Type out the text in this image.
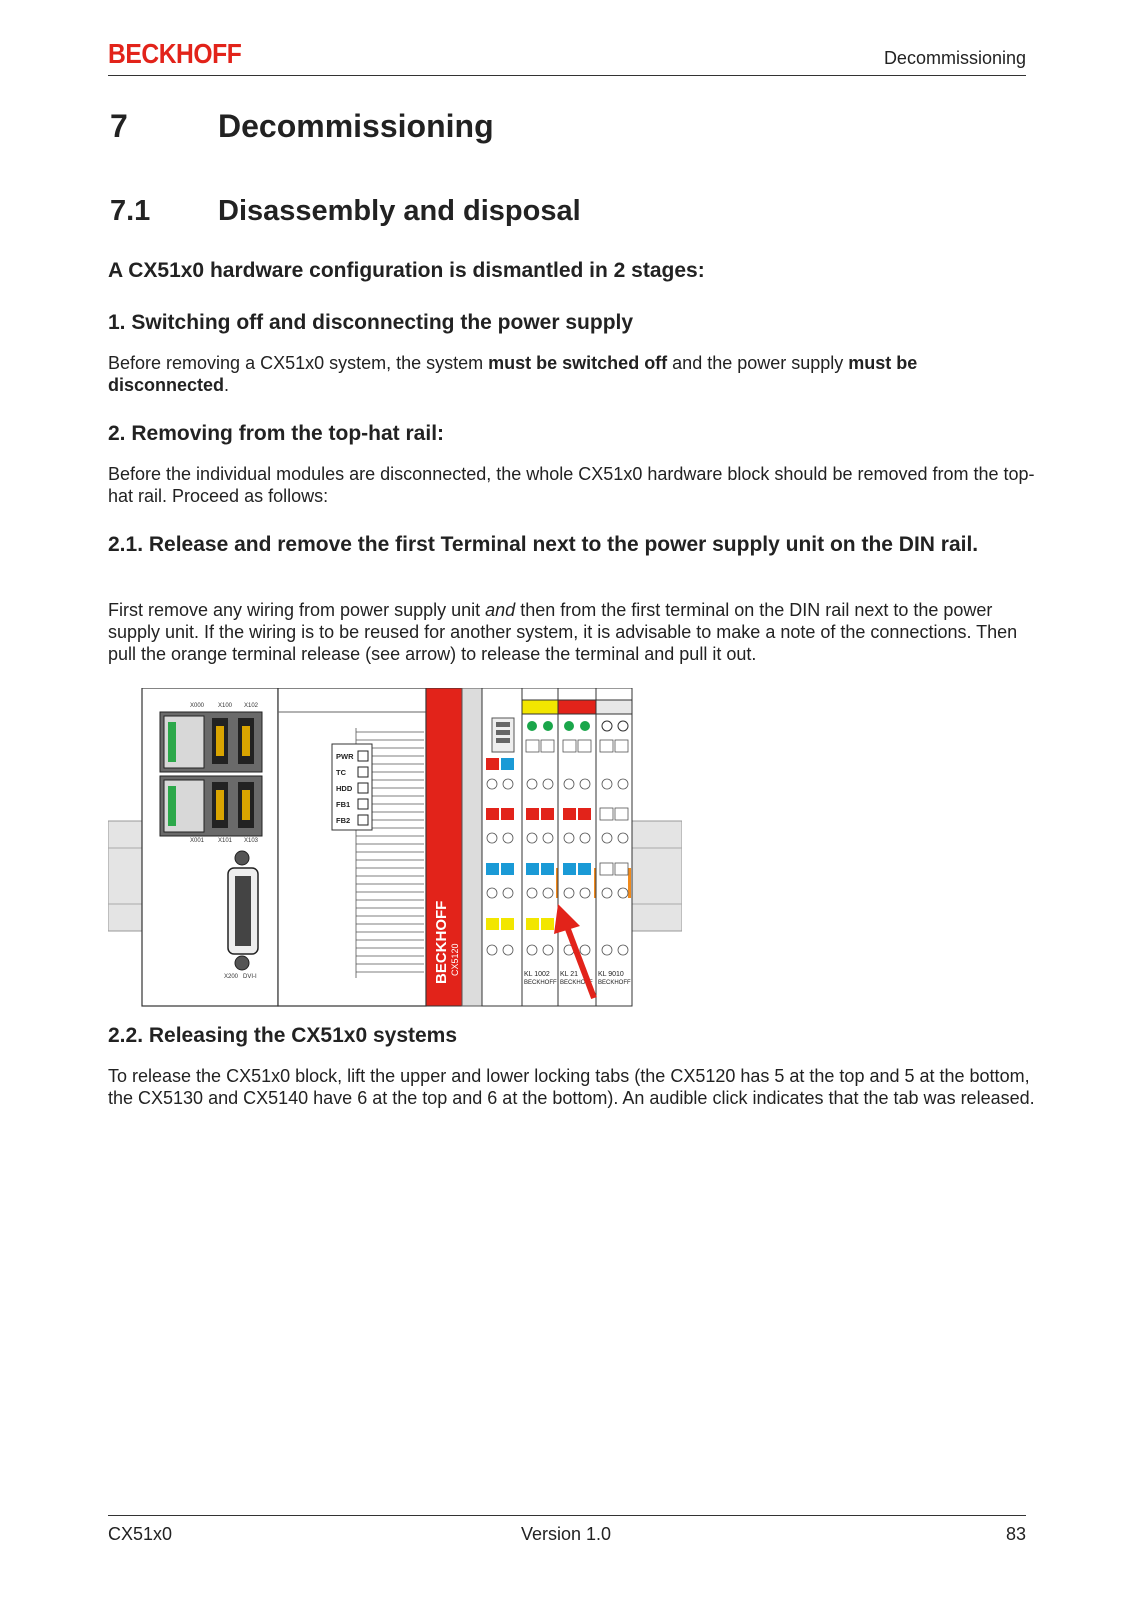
BECKHOFF	Decommissioning
7	Decommissioning
7.1 Disassembly and disposal
A CX51x0 hardware configuration is dismantled in 2 stages:
1. Switching off and disconnecting the power supply
Before removing a CX51x0 system, the system must be switched off and the power supply must be disconnected.
2. Removing from the top-hat rail:
Before the individual modules are disconnected, the whole CX51x0 hardware block should be removed from the top-hat rail. Proceed as follows:
2.1. Release and remove the first Terminal next to the power supply unit on the DIN rail.
First remove any wiring from power supply unit and then from the first terminal on the DIN rail next to the power supply unit. If the wiring is to be reused for another system, it is advisable to make a note of the connections. Then pull the orange terminal release (see arrow) to release the terminal and pull it out.
X000 X100 X102
X001 X101 X103
X200 DVI-I
PWR
TC
HDD
FB1
FB2
BECKHOFF CX5120	KL 1002 KL 21	KL 9010
BECKHOFF BECKHOFF BECKHOFF
2.2. Releasing the CX51x0 systems
To release the CX51x0 block, lift the upper and lower locking tabs (the CX5120 has 5 at the top and 5 at the bottom, the CX5130 and CX5140 have 6 at the top and 6 at the bottom). An audible click indicates that the tab was released.
CX51x0	Version 1.0	83
